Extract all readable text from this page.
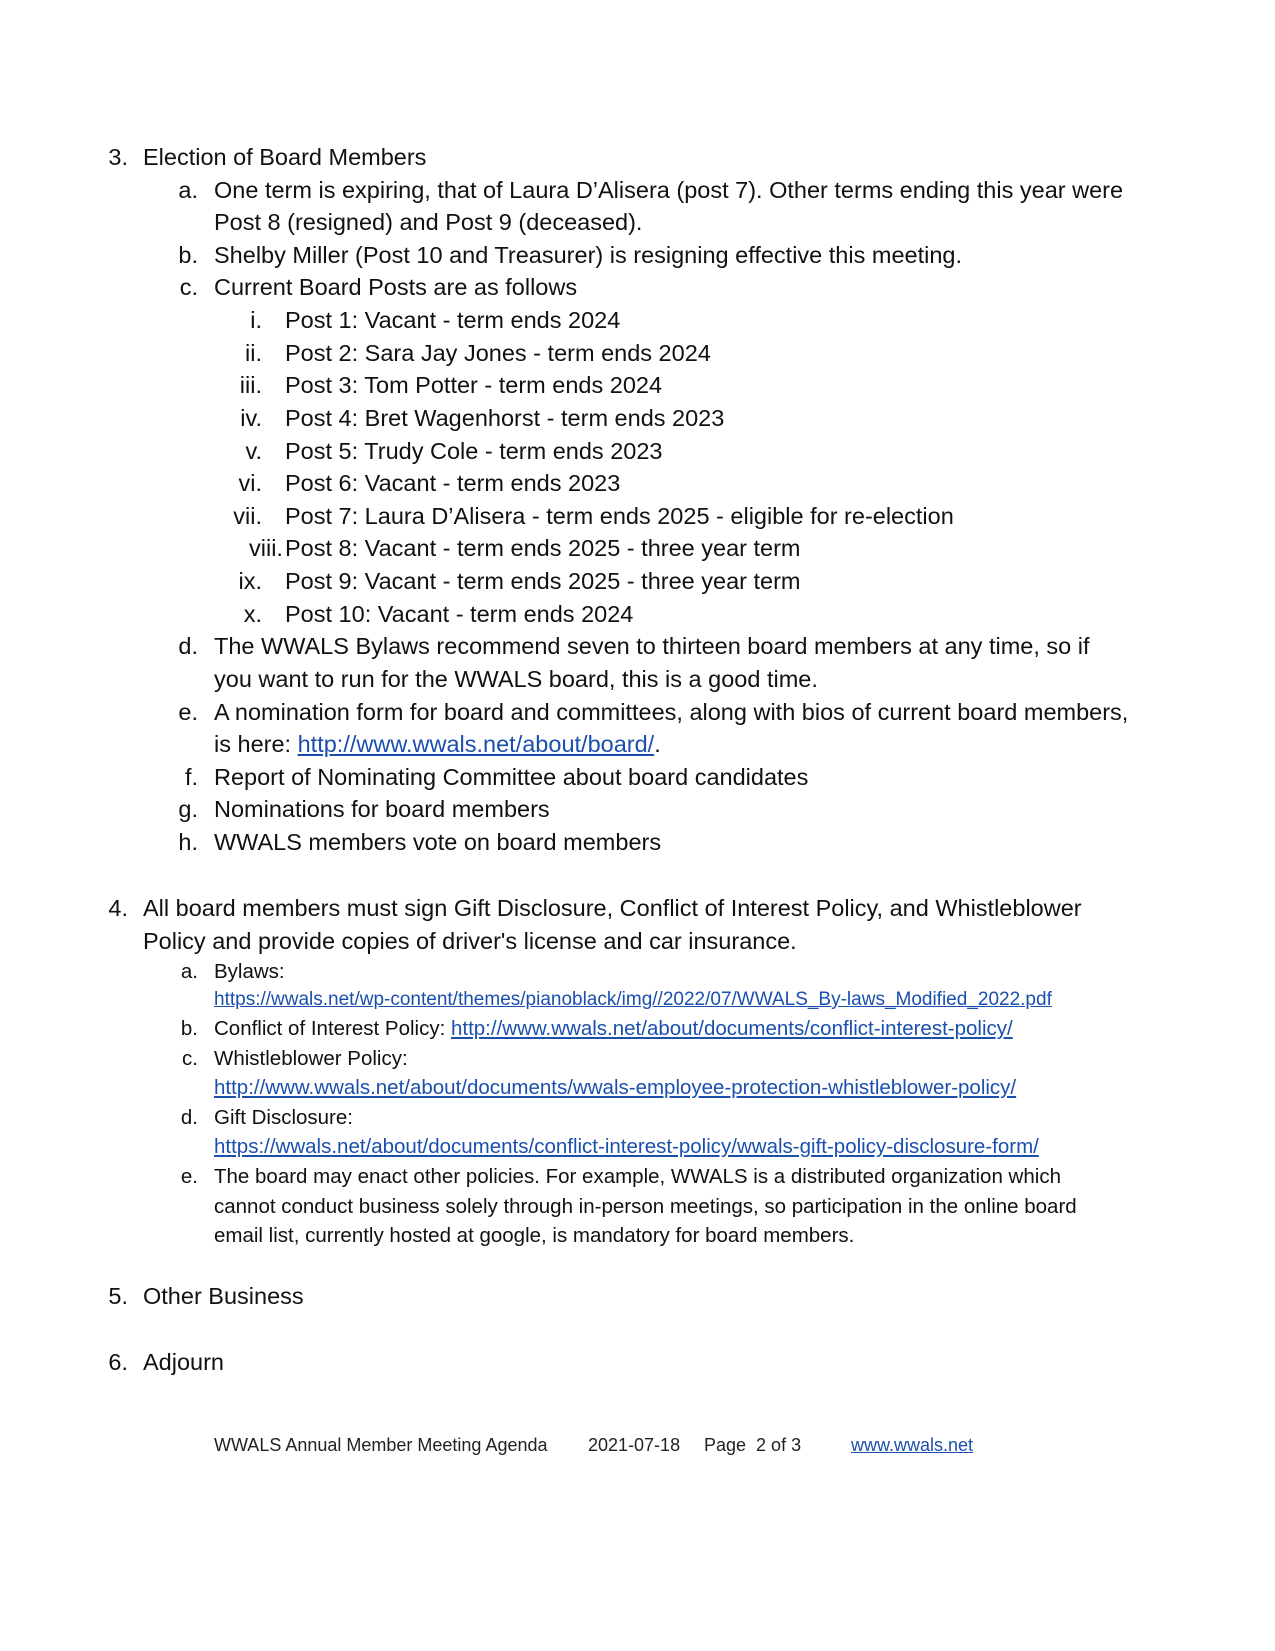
3. Election of Board Members
a. One term is expiring, that of Laura D’Alisera (post 7). Other terms ending this year were
Post 8 (resigned) and Post 9 (deceased).
b. Shelby Miller (Post 10 and Treasurer) is resigning effective this meeting.
c. Current Board Posts are as follows
i. Post 1: Vacant - term ends 2024
ii. Post 2: Sara Jay Jones - term ends 2024
iii. Post 3: Tom Potter - term ends 2024
iv. Post 4: Bret Wagenhorst - term ends 2023
v. Post 5: Trudy Cole - term ends 2023
vi. Post 6: Vacant - term ends 2023
vii. Post 7: Laura D’Alisera - term ends 2025 - eligible for re-election
viii. Post 8: Vacant - term ends 2025 - three year term
ix. Post 9: Vacant - term ends 2025 - three year term
x. Post 10: Vacant - term ends 2024
d. The WWALS Bylaws recommend seven to thirteen board members at any time, so if
you want to run for the WWALS board, this is a good time.
e. A nomination form for board and committees, along with bios of current board members,
is here: http://www.wwals.net/about/board/.
f. Report of Nominating Committee about board candidates
g. Nominations for board members
h. WWALS members vote on board members
4. All board members must sign Gift Disclosure, Conflict of Interest Policy, and Whistleblower
Policy and provide copies of driver's license and car insurance.
a. Bylaws:
https://wwals.net/wp-content/themes/pianoblack/img//2022/07/WWALS_By-laws_Modified_2022.pdf
b. Conflict of Interest Policy: http://www.wwals.net/about/documents/conflict-interest-policy/
c. Whistleblower Policy:
http://www.wwals.net/about/documents/wwals-employee-protection-whistleblower-policy/
d. Gift Disclosure:
https://wwals.net/about/documents/conflict-interest-policy/wwals-gift-policy-disclosure-form/
e. The board may enact other policies. For example, WWALS is a distributed organization which
cannot conduct business solely through in-person meetings, so participation in the online board
email list, currently hosted at google, is mandatory for board members.
5. Other Business
6. Adjourn
WWALS Annual Member Meeting Agenda 2021-07-18 Page  2 of 3	www.wwals.net
